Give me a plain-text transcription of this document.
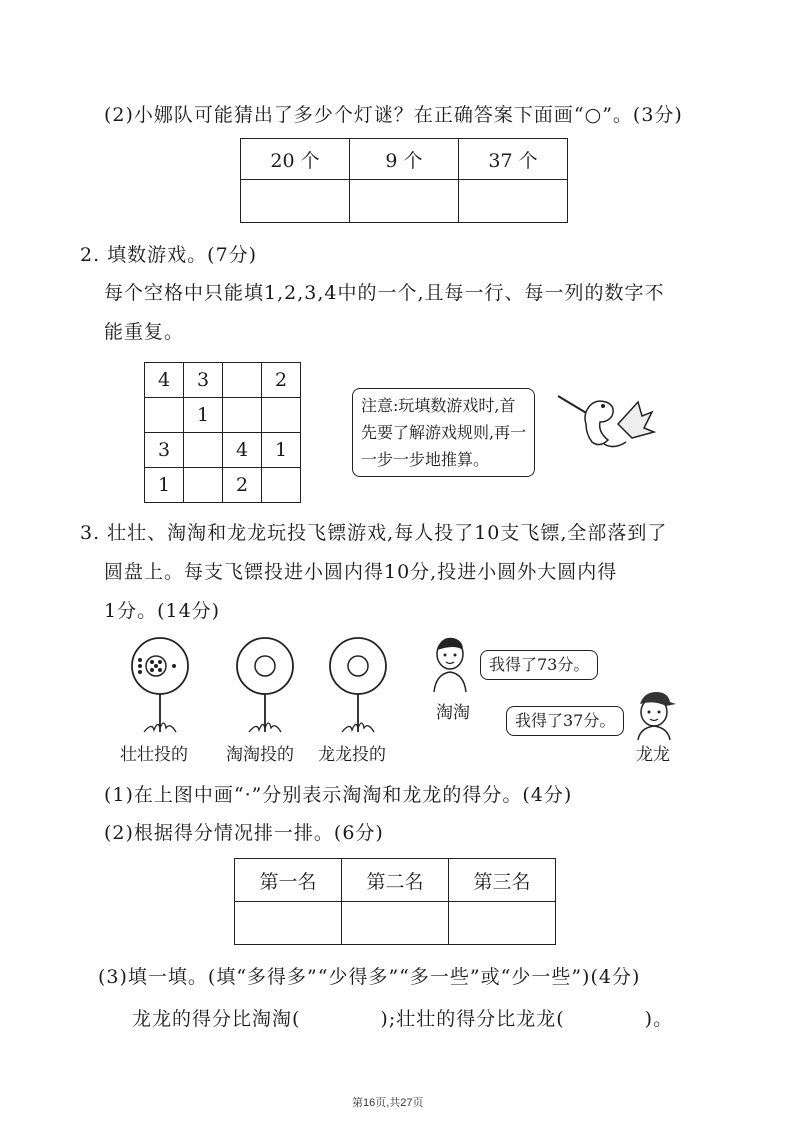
(2)小娜队可能猜出了多少个灯谜？在正确答案下面画“○”。(3分)
20 个	9 个	37 个

2. 填数游戏。(7分)
每个空格中只能填1,2,3,4中的一个,且每一行、每一列的数字不
能重复。
4	3		2
	1		
3		4	1
1		2	
注意:玩填数游戏时,首
先要了解游戏规则,再一
一步一步地推算。
3. 壮壮、淘淘和龙龙玩投飞镖游戏,每人投了10支飞镖,全部落到了
圆盘上。每支飞镖投进小圆内得10分,投进小圆外大圆内得
1分。(14分)
壮壮投的 淘淘投的 龙龙投的
我得了73分。
淘淘	我得了37分。
龙龙
(1)在上图中画“·”分别表示淘淘和龙龙的得分。(4分)
(2)根据得分情况排一排。(6分)
第一名	第二名	第三名

(3)填一填。(填“多得多”“少得多”“多一些”或“少一些”)(4分)
龙龙的得分比淘淘(	);壮壮的得分比龙龙(	)。
第16页,共27页
